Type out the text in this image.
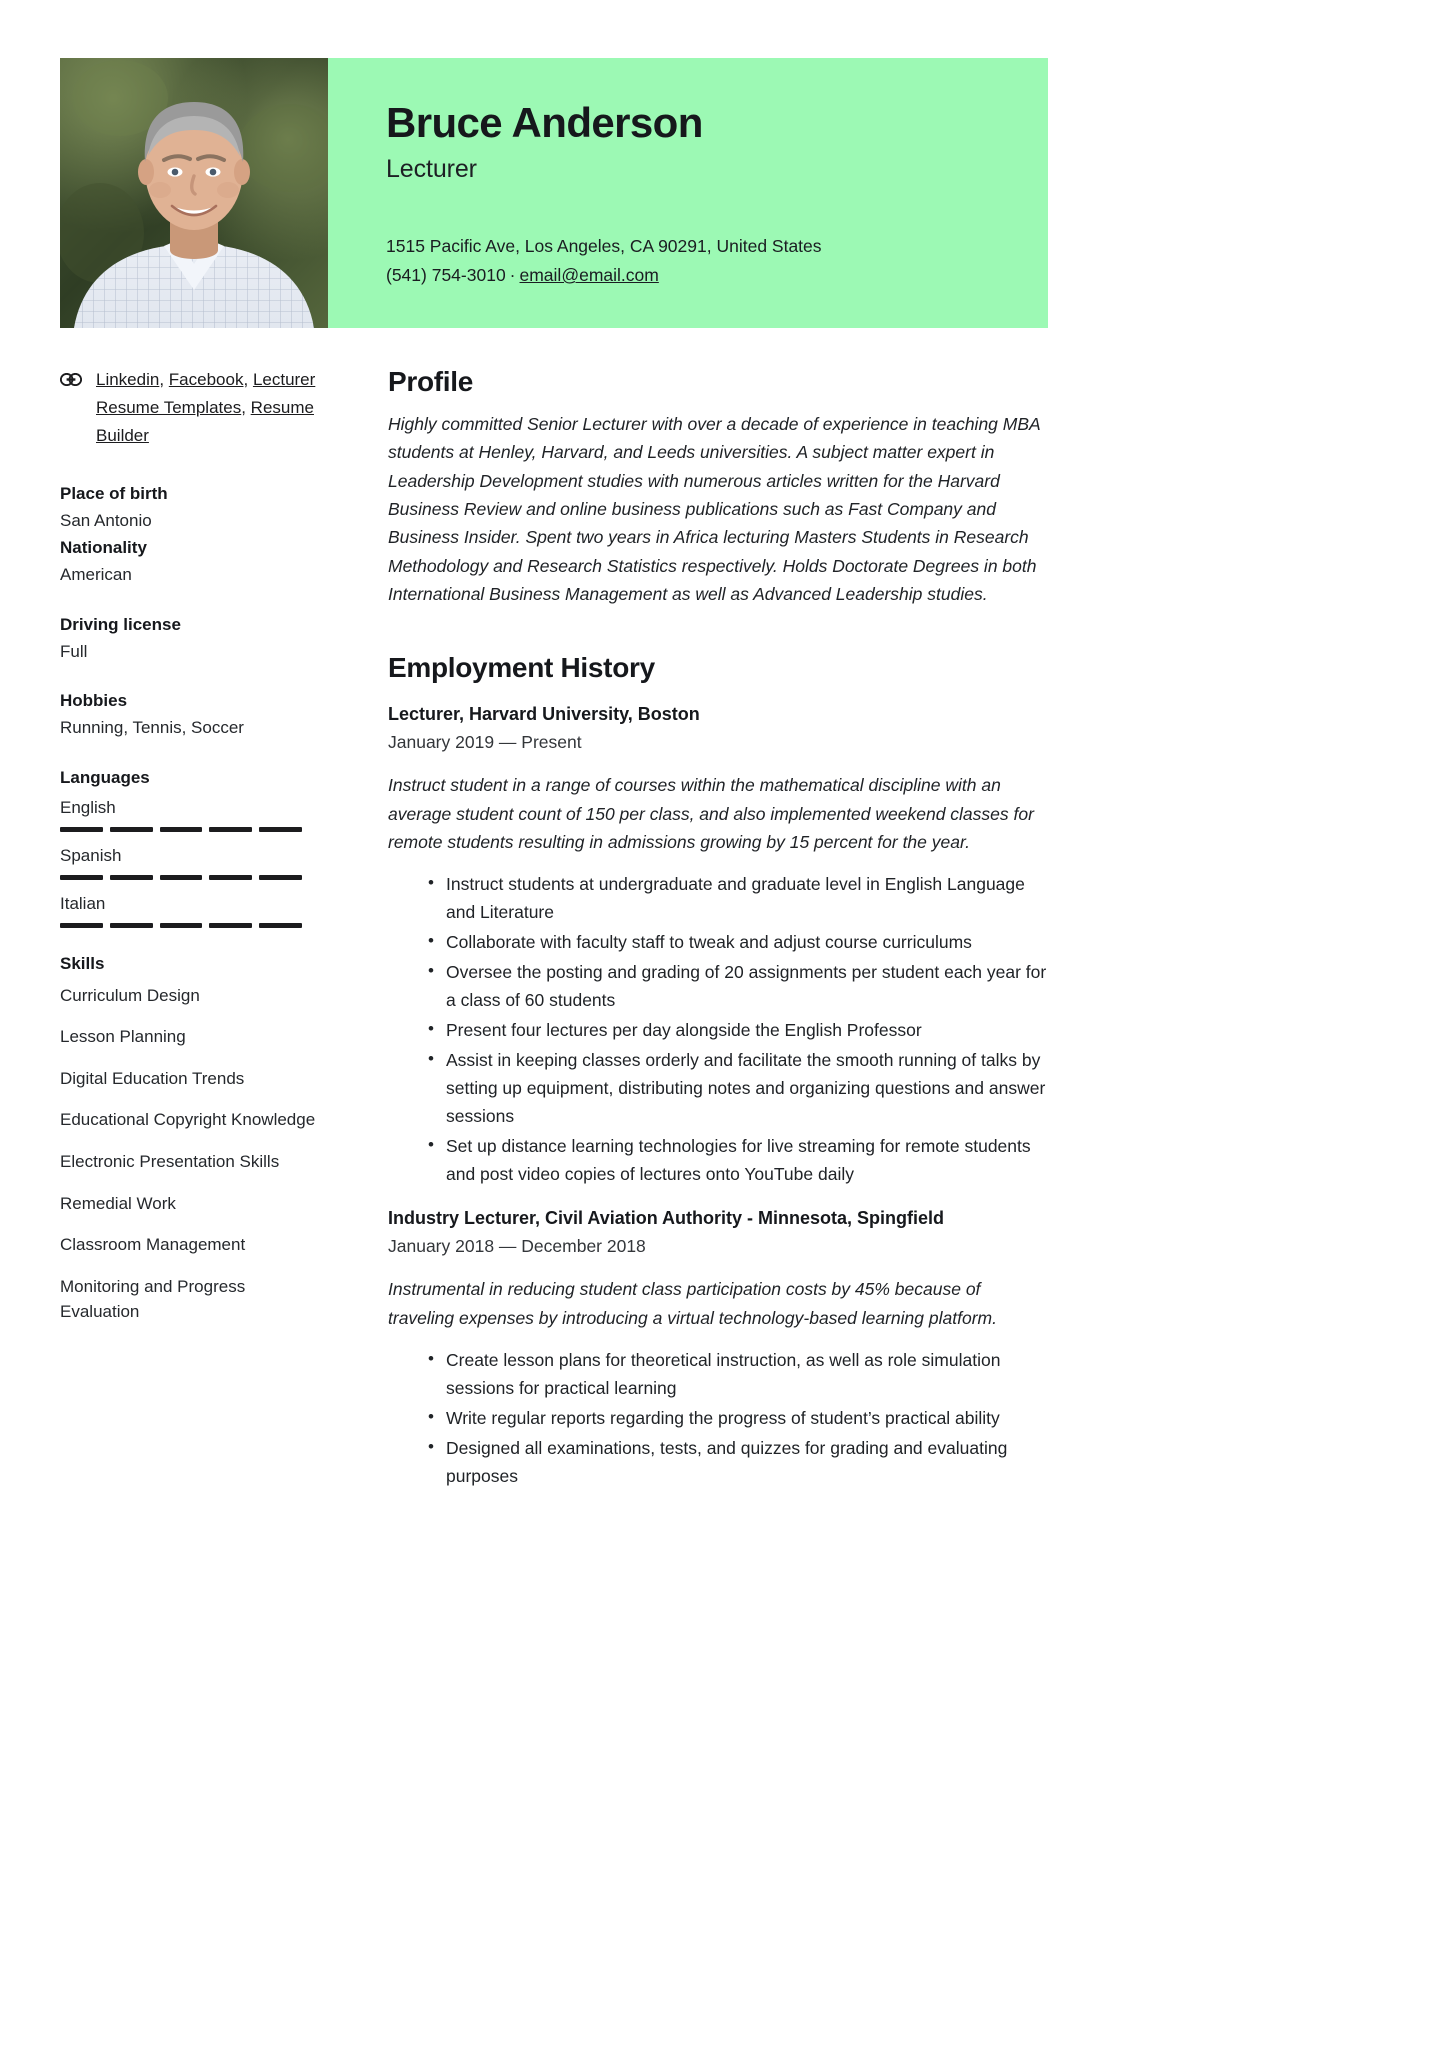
Bruce Anderson
Lecturer
1515 Pacific Ave, Los Angeles, CA 90291, United States
(541) 754-3010 · email@email.com
Linkedin, Facebook, Lecturer Resume Templates, Resume Builder
Place of birth
San Antonio
Nationality
American
Driving license
Full
Hobbies
Running, Tennis, Soccer
Languages
English
Spanish
Italian
Skills
Curriculum Design
Lesson Planning
Digital Education Trends
Educational Copyright Knowledge
Electronic Presentation Skills
Remedial Work
Classroom Management
Monitoring and Progress Evaluation
Profile

Highly committed Senior Lecturer with over a decade of experience in teaching MBA students at Henley, Harvard, and Leeds universities. A subject matter expert in Leadership Development studies with numerous articles written for the Harvard Business Review and online business publications such as Fast Company and Business Insider. Spent two years in Africa lecturing Masters Students in Research Methodology and Research Statistics respectively. Holds Doctorate Degrees in both International Business Management as well as Advanced Leadership studies.

Employment History
Lecturer, Harvard University, Boston
January 2019 — Present

Instruct student in a range of courses within the mathematical discipline with an average student count of 150 per class, and also implemented weekend classes for remote students resulting in admissions growing by 15 percent for the year.

• Instruct students at undergraduate and graduate level in English Language and Literature
• Collaborate with faculty staff to tweak and adjust course curriculums
• Oversee the posting and grading of 20 assignments per student each year for a class of 60 students
• Present four lectures per day alongside the English Professor
• Assist in keeping classes orderly and facilitate the smooth running of talks by setting up equipment, distributing notes and organizing questions and answer sessions
• Set up distance learning technologies for live streaming for remote students and post video copies of lectures onto YouTube daily
Industry Lecturer, Civil Aviation Authority - Minnesota, Spingfield
January 2018 — December 2018

Instrumental in reducing student class participation costs by 45% because of traveling expenses by introducing a virtual technology-based learning platform.

• Create lesson plans for theoretical instruction, as well as role simulation sessions for practical learning
• Write regular reports regarding the progress of student’s practical ability
• Designed all examinations, tests, and quizzes for grading and evaluating purposes
